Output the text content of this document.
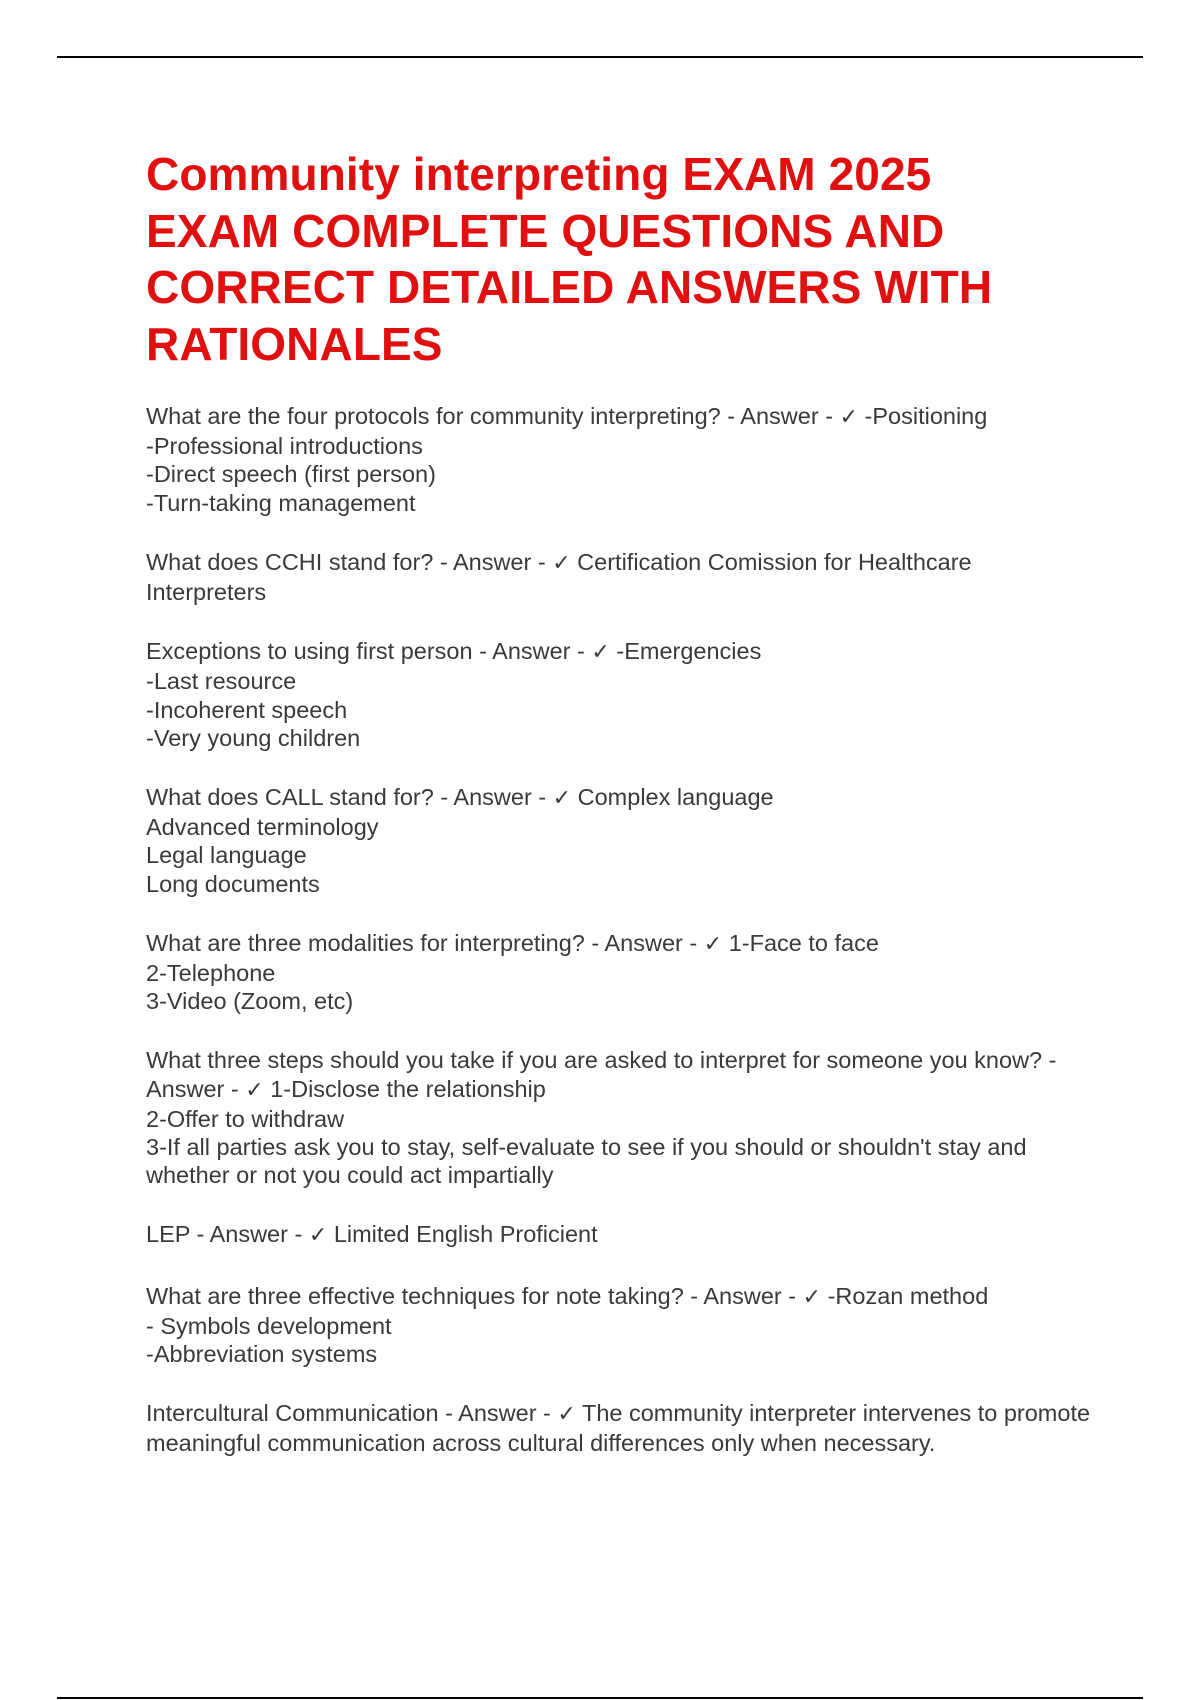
Community interpreting EXAM 2025
EXAM COMPLETE QUESTIONS AND
CORRECT DETAILED ANSWERS WITH
RATIONALES
What are the four protocols for community interpreting? - Answer - ✓ -Positioning
-Professional introductions
-Direct speech (first person)
-Turn-taking management
What does CCHI stand for? - Answer - ✓ Certification Comission for Healthcare
Interpreters
Exceptions to using first person - Answer - ✓ -Emergencies
-Last resource
-Incoherent speech
-Very young children
What does CALL stand for? - Answer - ✓ Complex language
Advanced terminology
Legal language
Long documents
What are three modalities for interpreting? - Answer - ✓ 1-Face to face
2-Telephone
3-Video (Zoom, etc)
What three steps should you take if you are asked to interpret for someone you know? - Answer - ✓ 1-Disclose the relationship
2-Offer to withdraw
3-If all parties ask you to stay, self-evaluate to see if you should or shouldn't stay and whether or not you could act impartially
LEP - Answer - ✓ Limited English Proficient
What are three effective techniques for note taking? - Answer - ✓ -Rozan method
- Symbols development
-Abbreviation systems
Intercultural Communication - Answer - ✓ The community interpreter intervenes to promote meaningful communication across cultural differences only when necessary.
